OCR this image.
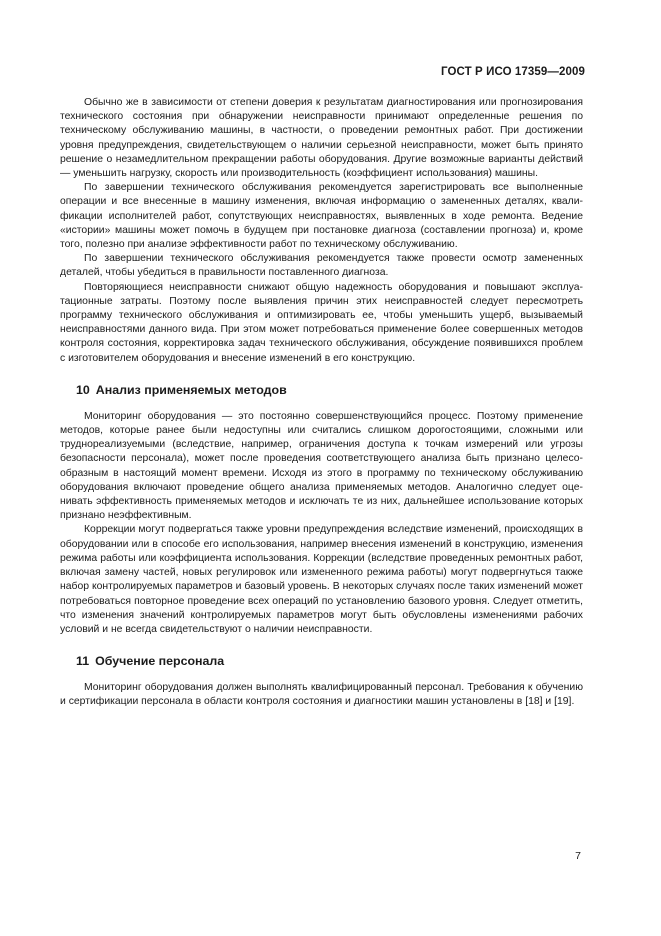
ГОСТ Р ИСО 17359—2009

Обычно же в зависимости от степени доверия к результатам диагностирования или прогнозирования технического состояния при обнаружении неисправности принимают определенные решения по техническому обслуживанию машины, в частности, о проведении ремонтных работ. При достижении уровня предупреждения, свидетельствующем о наличии серьезной неисправности, может быть принято решение о незамедлительном прекращении работы оборудования. Другие возможные варианты действий — уменьшить нагрузку, скорость или производительность (коэффициент использования) машины.

По завершении технического обслуживания рекомендуется зарегистрировать все выполненные операции и все внесенные в машину изменения, включая информацию о замененных деталях, квалификации исполнителей работ, сопутствующих неисправностях, выявленных в ходе ремонта. Ведение «истории» машины может помочь в будущем при постановке диагноза (составлении прогноза) и, кроме того, полезно при анализе эффективности работ по техническому обслуживанию.

По завершении технического обслуживания рекомендуется также провести осмотр замененных деталей, чтобы убедиться в правильности поставленного диагноза.

Повторяющиеся неисправности снижают общую надежность оборудования и повышают эксплуатационные затраты. Поэтому после выявления причин этих неисправностей следует пересмотреть программу технического обслуживания и оптимизировать ее, чтобы уменьшить ущерб, вызываемый неисправностями данного вида. При этом может потребоваться применение более совершенных методов контроля состояния, корректировка задач технического обслуживания, обсуждение появившихся проблем с изготовителем оборудования и внесение изменений в его конструкцию.

10 Анализ применяемых методов

Мониторинг оборудования — это постоянно совершенствующийся процесс. Поэтому применение методов, которые ранее были недоступны или считались слишком дорогостоящими, сложными или труднореализуемыми (вследствие, например, ограничения доступа к точкам измерений или угрозы безопасности персонала), может после проведения соответствующего анализа быть признано целесообразным в настоящий момент времени. Исходя из этого в программу по техническому обслуживанию оборудования включают проведение общего анализа применяемых методов. Аналогично следует оценивать эффективность применяемых методов и исключать те из них, дальнейшее использование которых признано неэффективным.

Коррекции могут подвергаться также уровни предупреждения вследствие изменений, происходящих в оборудовании или в способе его использования, например внесения изменений в конструкцию, изменения режима работы или коэффициента использования. Коррекции (вследствие проведенных ремонтных работ, включая замену частей, новых регулировок или измененного режима работы) могут подвергнуться также набор контролируемых параметров и базовый уровень. В некоторых случаях после таких изменений может потребоваться повторное проведение всех операций по установлению базового уровня. Следует отметить, что изменения значений контролируемых параметров могут быть обусловлены изменениями рабочих условий и не всегда свидетельствуют о наличии неисправности.

11 Обучение персонала

Мониторинг оборудования должен выполнять квалифицированный персонал. Требования к обучению и сертификации персонала в области контроля состояния и диагностики машин установлены в [18] и [19].

7
